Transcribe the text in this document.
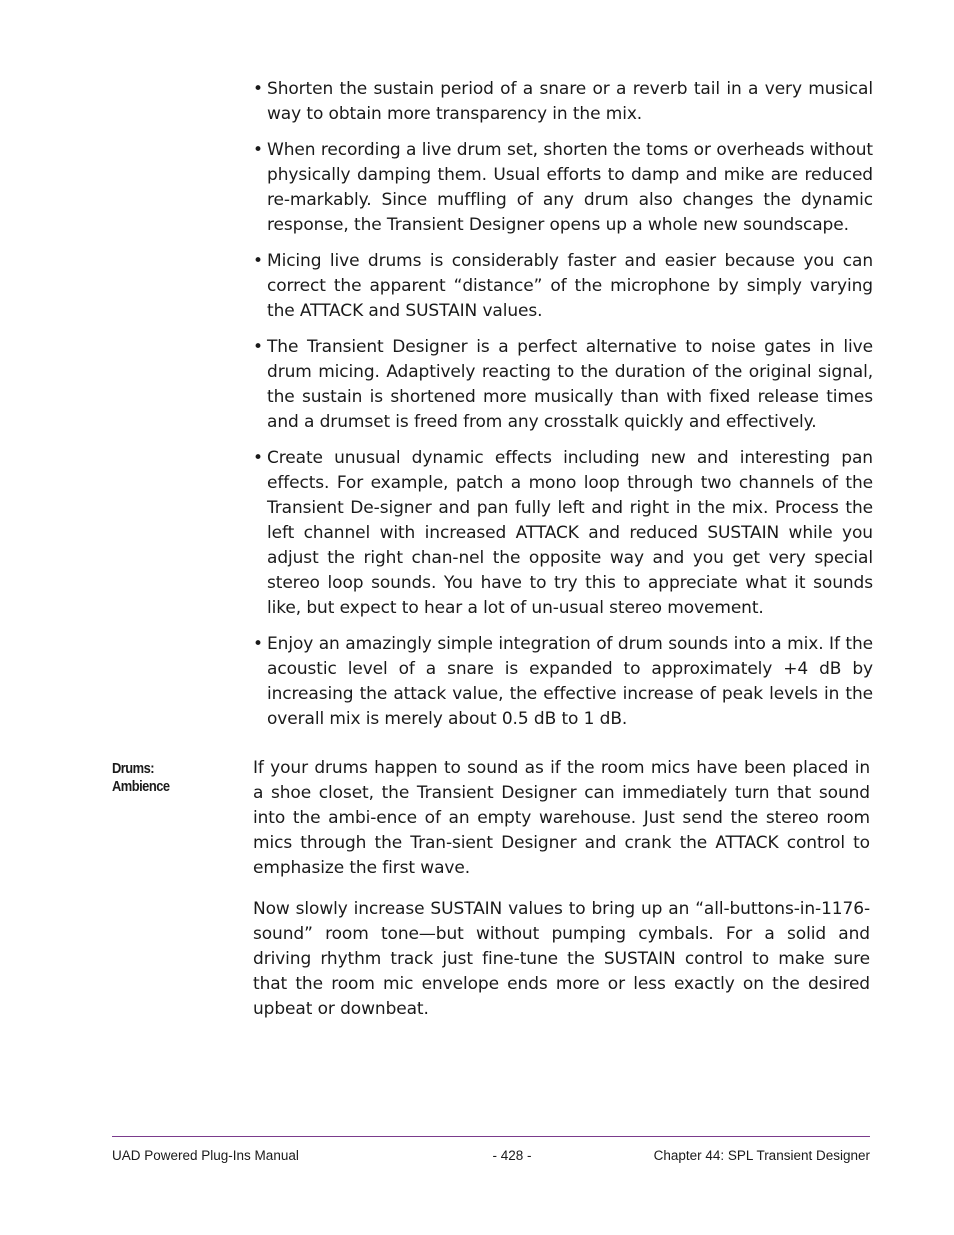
• Shorten the sustain period of a snare or a reverb tail in a very musical way to obtain more transparency in the mix.
• When recording a live drum set, shorten the toms or overheads without physically damping them. Usual efforts to damp and mike are reduced re-markably. Since muffling of any drum also changes the dynamic response, the Transient Designer opens up a whole new soundscape.
• Micing live drums is considerably faster and easier because you can correct the apparent “distance” of the microphone by simply varying the ATTACK and SUSTAIN values.
• The Transient Designer is a perfect alternative to noise gates in live drum micing. Adaptively reacting to the duration of the original signal, the sustain is shortened more musically than with fixed release times and a drumset is freed from any crosstalk quickly and effectively.
• Create unusual dynamic effects including new and interesting pan effects. For example, patch a mono loop through two channels of the Transient De-signer and pan fully left and right in the mix. Process the left channel with increased ATTACK and reduced SUSTAIN while you adjust the right chan-nel the opposite way and you get very special stereo loop sounds. You have to try this to appreciate what it sounds like, but expect to hear a lot of un-usual stereo movement.
• Enjoy an amazingly simple integration of drum sounds into a mix. If the acoustic level of a snare is expanded to approximately +4 dB by increasing the attack value, the effective increase of peak levels in the overall mix is merely about 0.5 dB to 1 dB.
Drums:
Ambience

If your drums happen to sound as if the room mics have been placed in a shoe closet, the Transient Designer can immediately turn that sound into the ambi-ence of an empty warehouse. Just send the stereo room mics through the Tran-sient Designer and crank the ATTACK control to emphasize the first wave.

Now slowly increase SUSTAIN values to bring up an “all-buttons-in-1176-sound” room tone—but without pumping cymbals. For a solid and driving rhythm track just fine-tune the SUSTAIN control to make sure that the room mic envelope ends more or less exactly on the desired upbeat or downbeat.

UAD Powered Plug-Ins Manual	- 428 -	Chapter 44: SPL Transient Designer
